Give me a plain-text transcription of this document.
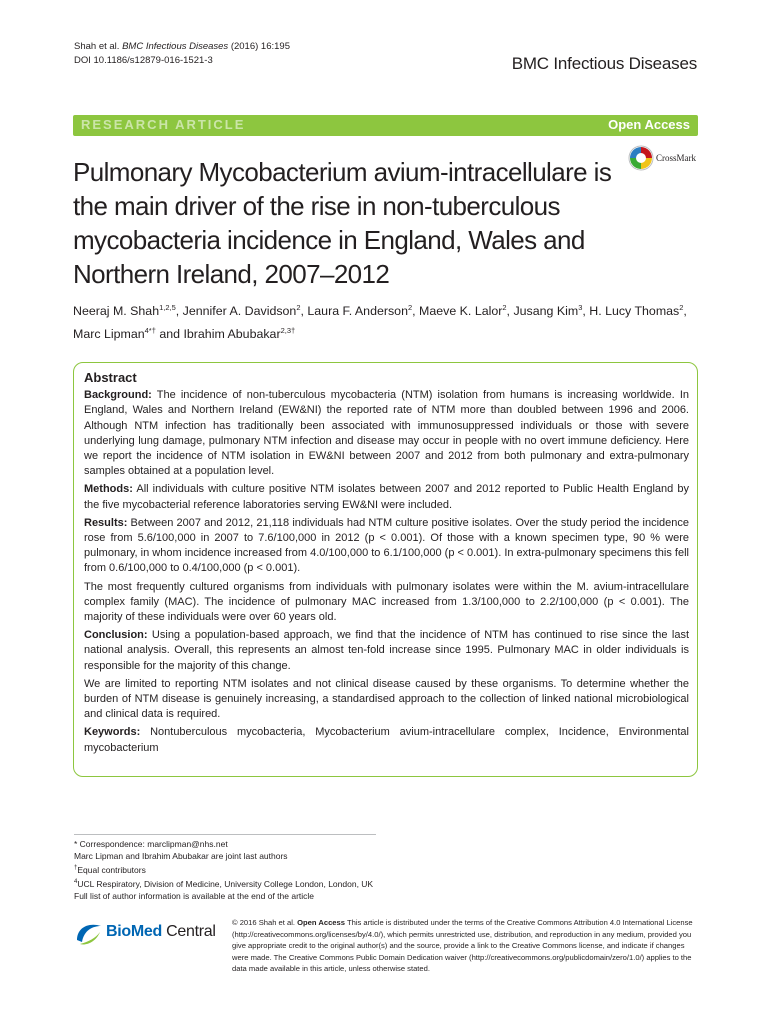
Shah et al. BMC Infectious Diseases (2016) 16:195
DOI 10.1186/s12879-016-1521-3	BMC Infectious Diseases
RESEARCH ARTICLE	Open Access
Pulmonary Mycobacterium avium-intracellulare is the main driver of the rise in non-tuberculous mycobacteria incidence in England, Wales and Northern Ireland, 2007–2012
CrossMark
Neeraj M. Shah$^{1,2,5}$, Jennifer A. Davidson$^2$, Laura F. Anderson$^2$, Maeve K. Lalor$^2$, Jusang Kim$^3$, H. Lucy Thomas$^2$, Marc Lipman$^{4*\dagger}$ and Ibrahim Abubakar$^{2,3\dagger}$
Abstract

Background: The incidence of non-tuberculous mycobacteria (NTM) isolation from humans is increasing worldwide. In England, Wales and Northern Ireland (EW&NI) the reported rate of NTM more than doubled between 1996 and 2006. Although NTM infection has traditionally been associated with immunosuppressed individuals or those with severe underlying lung damage, pulmonary NTM infection and disease may occur in people with no overt immune deficiency. Here we report the incidence of NTM isolation in EW&NI between 2007 and 2012 from both pulmonary and extra-pulmonary samples obtained at a population level.

Methods: All individuals with culture positive NTM isolates between 2007 and 2012 reported to Public Health England by the five mycobacterial reference laboratories serving EW&NI were included.

Results: Between 2007 and 2012, 21,118 individuals had NTM culture positive isolates. Over the study period the incidence rose from 5.6/100,000 in 2007 to 7.6/100,000 in 2012 (p < 0.001). Of those with a known specimen type, 90 % were pulmonary, in whom incidence increased from 4.0/100,000 to 6.1/100,000 (p < 0.001). In extra-pulmonary specimens this fell from 0.6/100,000 to 0.4/100,000 (p < 0.001).

The most frequently cultured organisms from individuals with pulmonary isolates were within the M. avium-intracellulare complex family (MAC). The incidence of pulmonary MAC increased from 1.3/100,000 to 2.2/100,000 (p < 0.001). The majority of these individuals were over 60 years old.

Conclusion: Using a population-based approach, we find that the incidence of NTM has continued to rise since the last national analysis. Overall, this represents an almost ten-fold increase since 1995. Pulmonary MAC in older individuals is responsible for the majority of this change.

We are limited to reporting NTM isolates and not clinical disease caused by these organisms. To determine whether the burden of NTM disease is genuinely increasing, a standardised approach to the collection of linked national microbiological and clinical data is required.

Keywords: Nontuberculous mycobacteria, Mycobacterium avium-intracellulare complex, Incidence, Environmental mycobacterium

* Correspondence: marclipman@nhs.net
Marc Lipman and Ibrahim Abubakar are joint last authors
†Equal contributors
$^4$UCL Respiratory, Division of Medicine, University College London, London, UK
Full list of author information is available at the end of the article
BioMed Central
© 2016 Shah et al. Open Access This article is distributed under the terms of the Creative Commons Attribution 4.0 International License (http://creativecommons.org/licenses/by/4.0/), which permits unrestricted use, distribution, and reproduction in any medium, provided you give appropriate credit to the original author(s) and the source, provide a link to the Creative Commons license, and indicate if changes were made. The Creative Commons Public Domain Dedication waiver (http://creativecommons.org/publicdomain/zero/1.0/) applies to the data made available in this article, unless otherwise stated.
